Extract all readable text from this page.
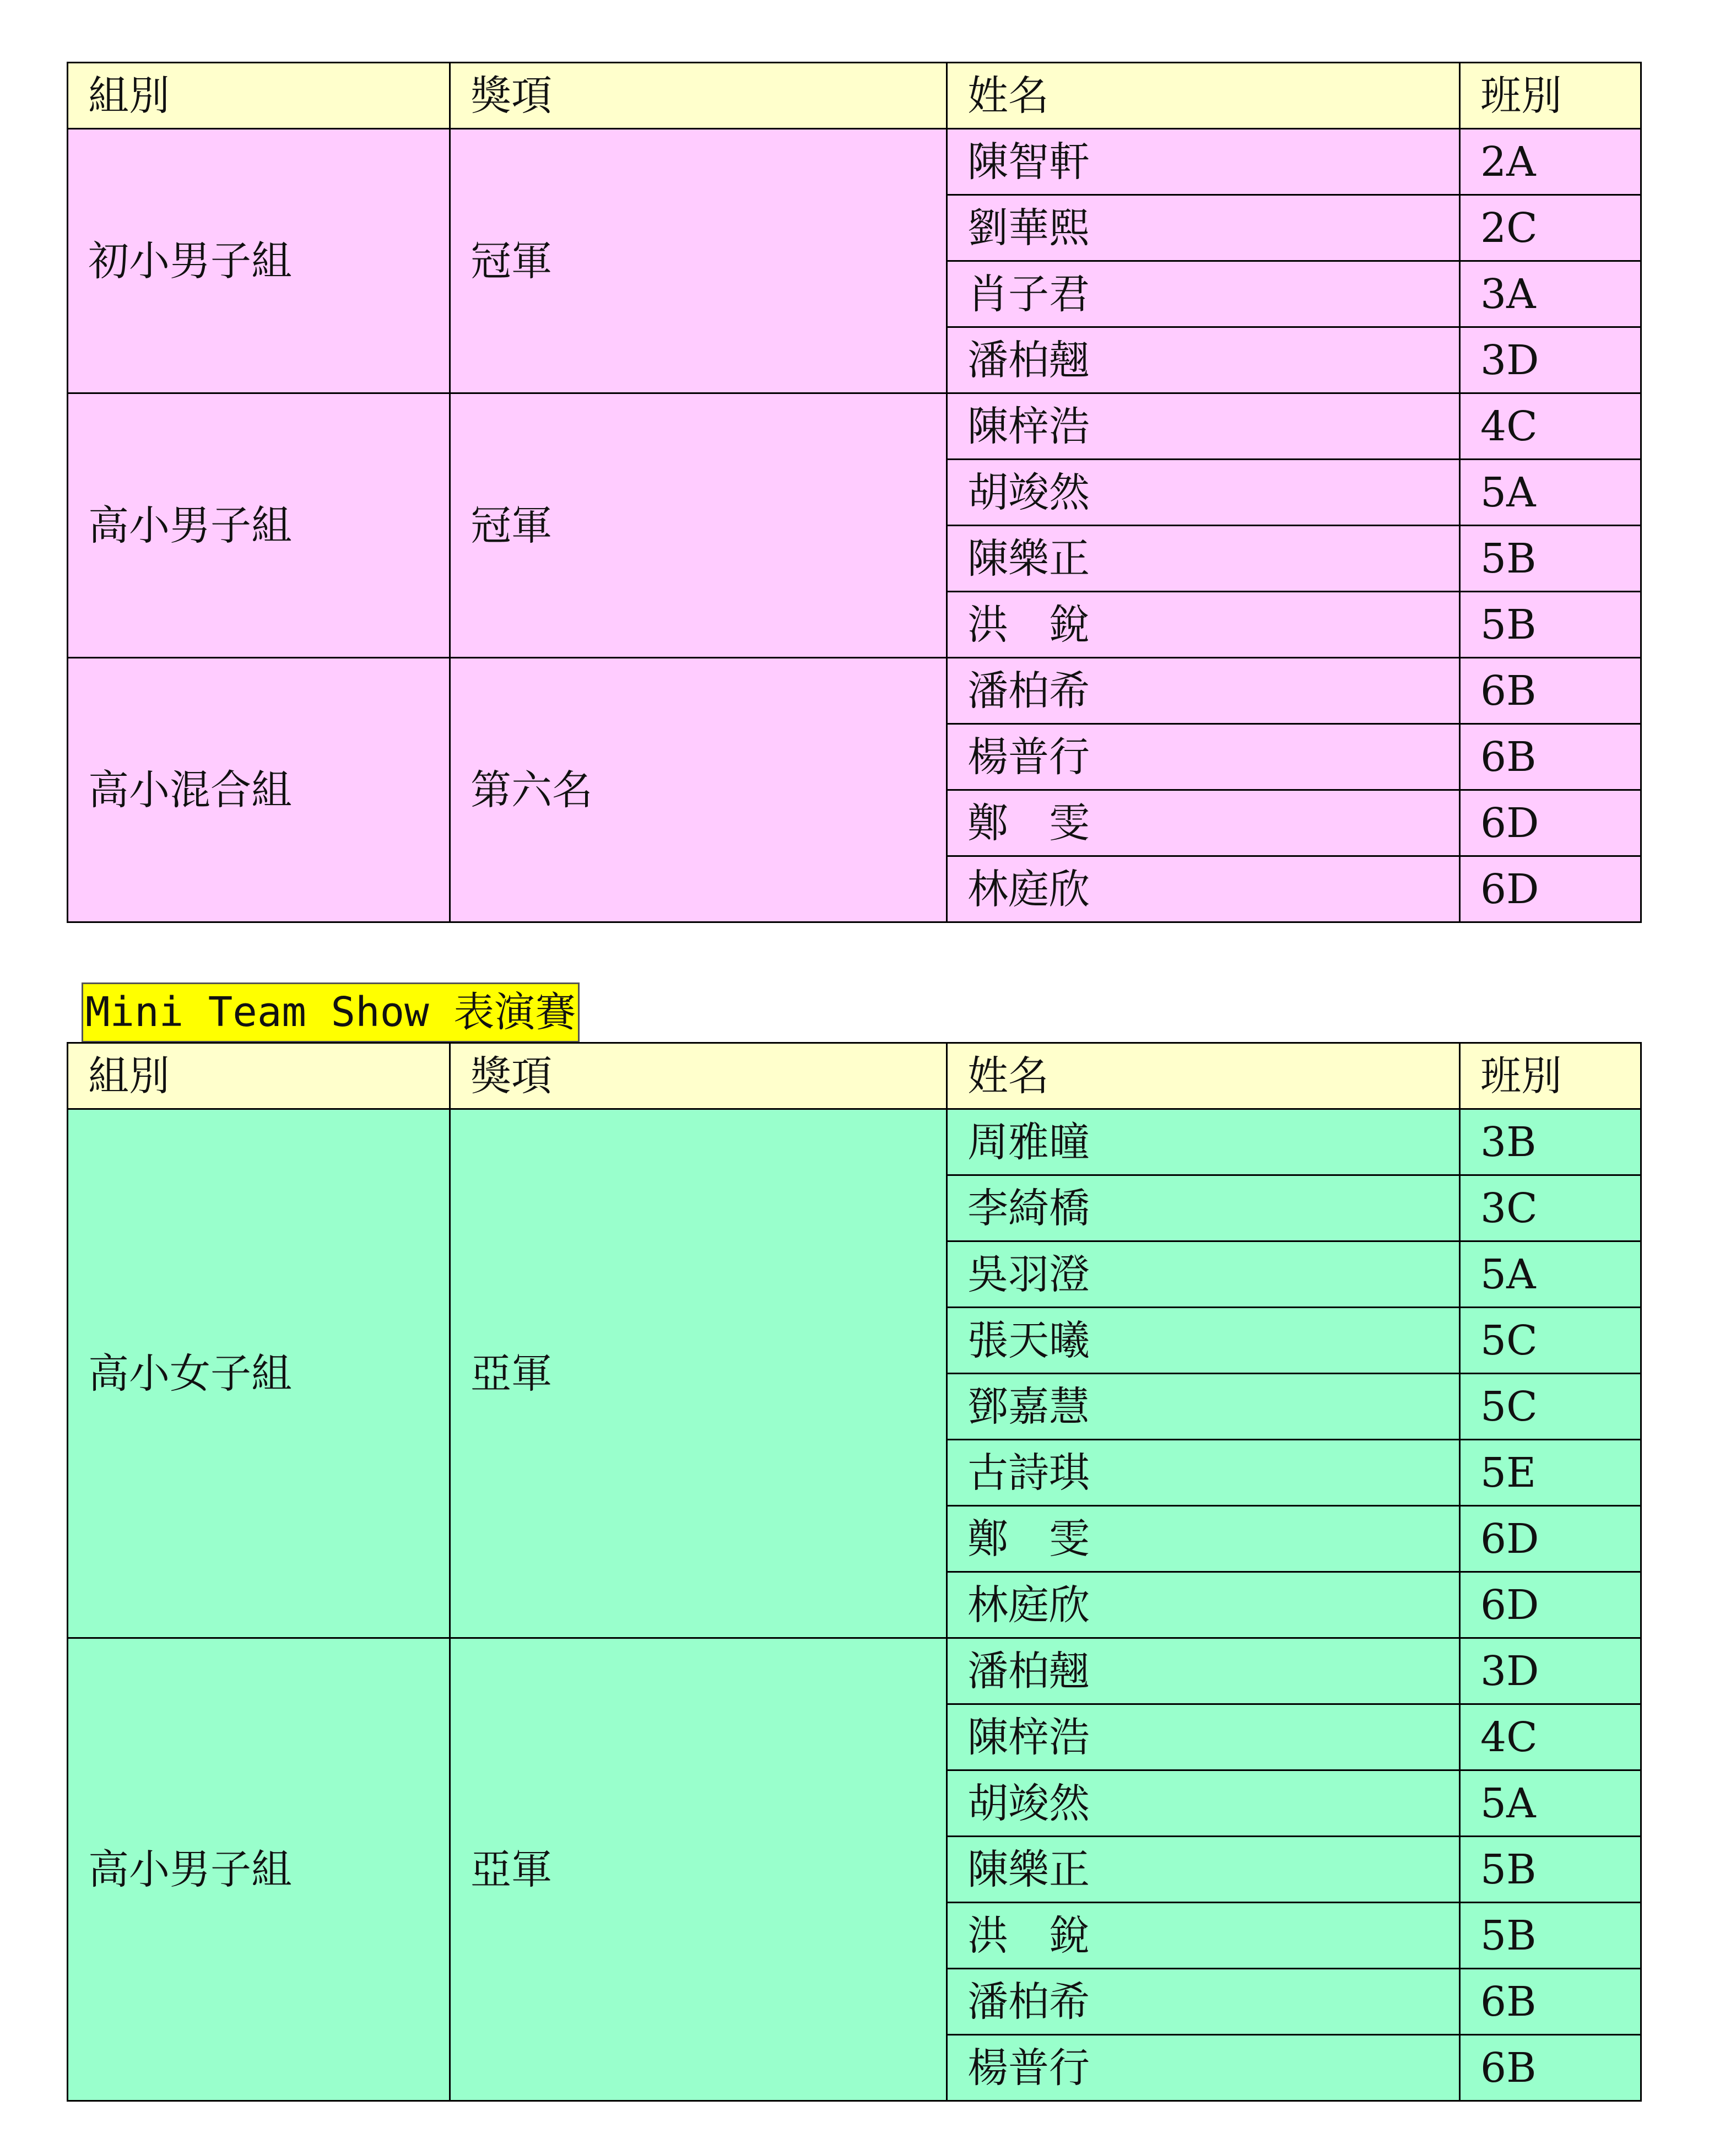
組別	獎項	姓名	班別
初小男子組	冠軍	陳智軒	2A
		劉華熙	2C
		肖子君	3A
		潘柏翹	3D
高小男子組	冠軍	陳梓浩	4C
		胡竣然	5A
		陳樂正	5B
		洪　銳	5B
高小混合組	第六名	潘柏希	6B
		楊普行	6B
		鄭　雯	6D
		林庭欣	6D
Mini Team Show 表演賽
組別	獎項	姓名	班別
高小女子組	亞軍	周雅曈	3B
		李綺橋	3C
		吳羽澄	5A
		張天曦	5C
		鄧嘉慧	5C
		古詩琪	5E
		鄭　雯	6D
		林庭欣	6D
高小男子組	亞軍	潘柏翹	3D
		陳梓浩	4C
		胡竣然	5A
		陳樂正	5B
		洪　銳	5B
		潘柏希	6B
		楊普行	6B
